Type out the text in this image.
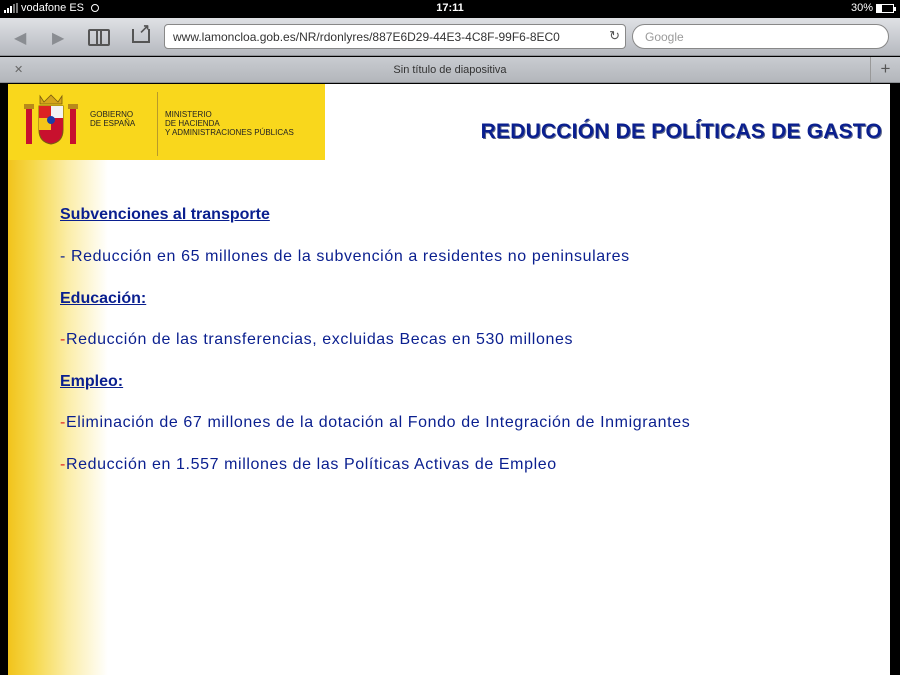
vodafone ES	17:11	30%
◀ ▶
↗	www.lamoncloa.gob.es/NR/rdonlyres/887E6D29-44E3-4C8F-99F6-8EC0	↻	Google
✕	Sin título de diapositiva	+
GOBIERNO
DE ESPAÑA
MINISTERIO
DE HACIENDA
Y ADMINISTRACIONES PÚBLICAS	REDUCCIÓN DE POLÍTICAS DE GASTO
Subvenciones al transporte
- Reducción en 65 millones de la subvención a residentes no peninsulares
Educación:
-Reducción de las transferencias, excluidas Becas en 530 millones
Empleo:
-Eliminación de 67 millones de la dotación al Fondo de Integración de Inmigrantes
-Reducción en 1.557 millones de las Políticas Activas de Empleo
